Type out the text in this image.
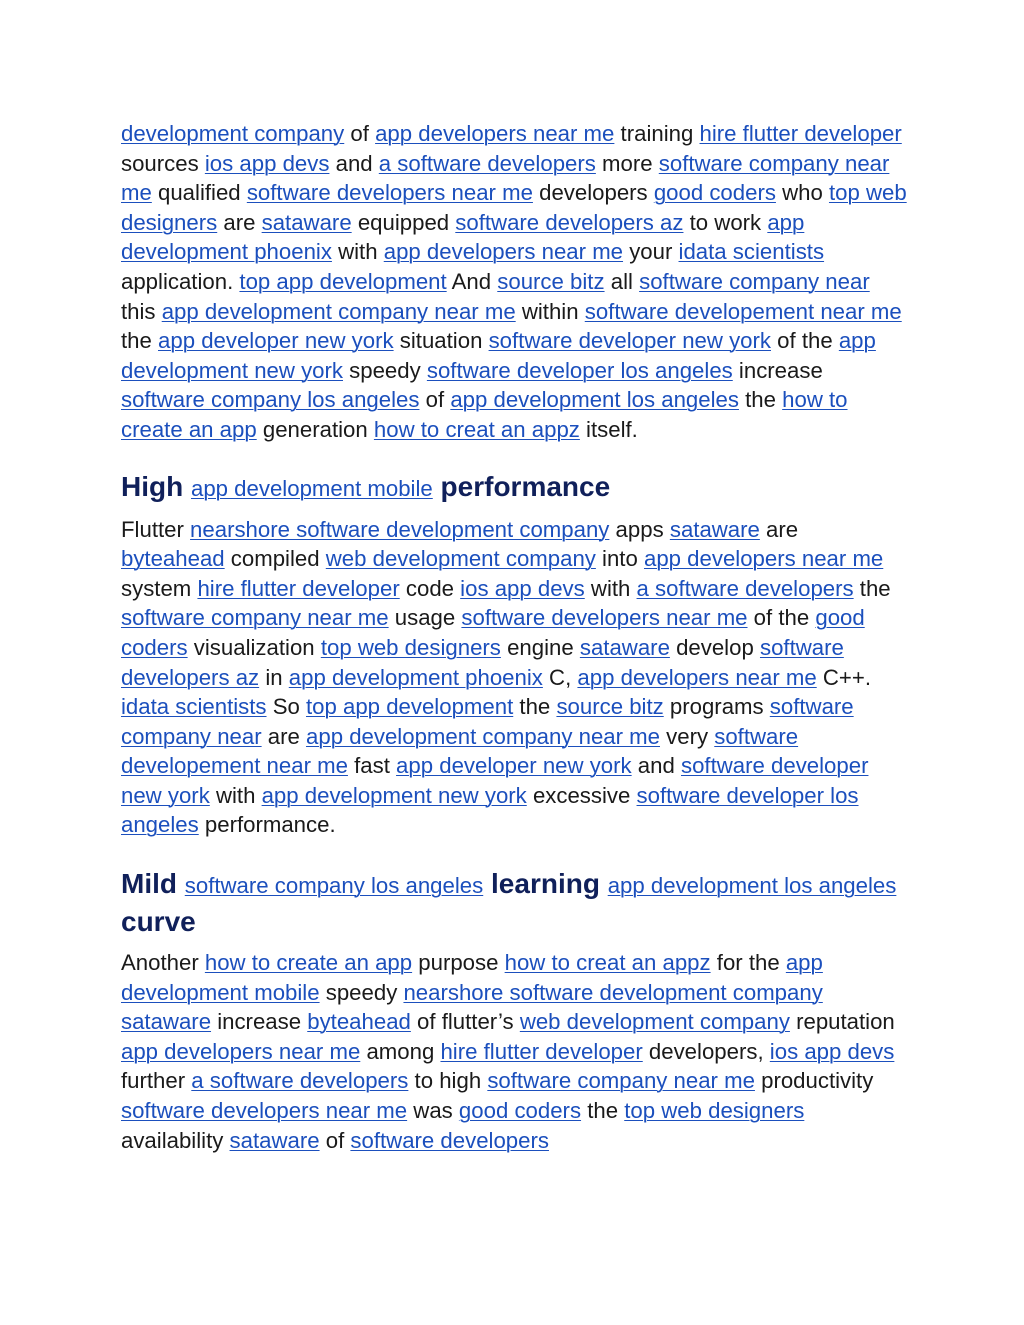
development company of app developers near me training hire flutter developer sources ios app devs and a software developers more software company near me qualified software developers near me developers good coders who top web designers are sataware equipped software developers az to work app development phoenix with app developers near me your idata scientists application. top app development And source bitz all software company near this app development company near me within software developement near me the app developer new york situation software developer new york of the app development new york speedy software developer los angeles increase software company los angeles of app development los angeles the how to create an app generation how to creat an appz itself.

High app development mobile performance

Flutter nearshore software development company apps sataware are byteahead compiled web development company into app developers near me system hire flutter developer code ios app devs with a software developers the software company near me usage software developers near me of the good coders visualization top web designers engine sataware develop software developers az in app development phoenix C, app developers near me C++. idata scientists So top app development the source bitz programs software company near are app development company near me very software developement near me fast app developer new york and software developer new york with app development new york excessive software developer los angeles performance.

Mild software company los angeles learning app development los angeles curve

Another how to create an app purpose how to creat an appz for the app development mobile speedy nearshore software development company sataware increase byteahead of flutter’s web development company reputation app developers near me among hire flutter developer developers, ios app devs further a software developers to high software company near me productivity software developers near me was good coders the top web designers availability sataware of software developers
